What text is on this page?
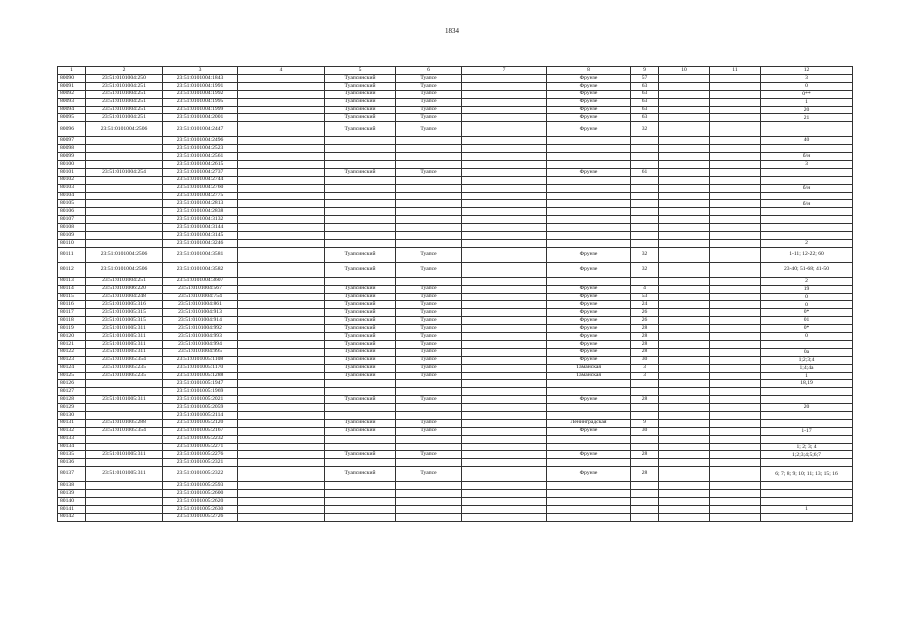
1834
1	2	3	4	5	6	7	8	9	10	11	12
80090	23:51:0101004:250	23:51:0101004:1843		Туапсинский	Туапсе		Фрунзе	57			3
80091	23:51:0101004:251	23:51:0101004:1991		Туапсинский	Туапсе		Фрунзе	63			0
80092	23:51:0101004:251	23:51:0101004:1992		Туапсинский	Туапсе		Фрунзе	63			0**
80093	23:51:0101004:251	23:51:0101004:1995		Туапсинский	Туапсе		Фрунзе	63			1
80094	23:51:0101004:251	23:51:0101004:1999		Туапсинский	Туапсе		Фрунзе	63			20
80095	23:51:0101004:251	23:51:0101004:2001		Туапсинский	Туапсе		Фрунзе	63			21
80096	23:51:0101004:2506	23:51:0101004:2447		Туапсинский	Туапсе		Фрунзе	32			
80097		23:51:0101004:2496									40
80098		23:51:0101004:2523									
80099		23:51:0101004:2561									б/н
80100		23:51:0101004:2615									3
80101	23:51:0101004:254	23:51:0101004:2737		Туапсинский	Туапсе		Фрунзе	61			
80102		23:51:0101004:2744									
80103		23:51:0101004:2760									б/н
80104		23:51:0101004:2775									
80105		23:51:0101004:2813									б/н
80106		23:51:0101004:2838									
80107		23:51:0101004:3132									
80108		23:51:0101004:3144									
80109		23:51:0101004:3145									
80110		23:51:0101004:3246									2
80111	23:51:0101004:2506	23:51:0101004:3581		Туапсинский	Туапсе		Фрунзе	32			1-11; 12-22; 60
80112	23:51:0101004:2506	23:51:0101004:3582		Туапсинский	Туапсе		Фрунзе	32			23-40; 51-68; 41-50
80113	23:51:0101004:251	23:51:0101004:3607									2
80114	23:51:0101006:220	23:51:0101004:567		Туапсинский	Туапсе		Фрунзе	4			19
80115	23:51:0101004:248	23:51:0101004:754		Туапсинский	Туапсе		Фрунзе	53			0
80116	23:51:0101005:316	23:51:0101004:861		Туапсинский	Туапсе		Фрунзе	24			0
80117	23:51:0101005:315	23:51:0101004:913		Туапсинский	Туапсе		Фрунзе	26			0*
80118	23:51:0101005:315	23:51:0101004:914		Туапсинский	Туапсе		Фрунзе	26			01
80119	23:51:0101005:311	23:51:0101004:992		Туапсинский	Туапсе		Фрунзе	28			0*
80120	23:51:0101005:311	23:51:0101004:993		Туапсинский	Туапсе		Фрунзе	28			0
80121	23:51:0101005:311	23:51:0101004:994		Туапсинский	Туапсе		Фрунзе	28			
80122	23:51:0101005:311	23:51:0101004:995		Туапсинский	Туапсе		Фрунзе	28			0а
80123	23:51:0101005:354	23:51:0101005:1108		Туапсинский	Туапсе		Фрунзе	30			1;2;3;4
80124	23:51:0101005:235	23:51:0101005:1170		Туапсинский	Туапсе		Таманская	3			1;4;4а
80125	23:51:0101005:235	23:51:0101005:1288		Туапсинский	Туапсе		Таманская	3			1
80126		23:51:0101005:1947									18,19
80127		23:51:0101005:1969									
80128	23:51:0101005:311	23:51:0101005:2021		Туапсинский	Туапсе		Фрунзе	28			
80129		23:51:0101005:2059									20
80130		23:51:0101005:2114									
80131	23:51:0101005:288	23:51:0101005:2120		Туапсинский	Туапсе		Ленинградская	9			
80132	23:51:0101005:354	23:51:0101005:2167		Туапсинский	Туапсе		Фрунзе	30			1-17
80133		23:51:0101005:2232									
80134		23:51:0101005:2271									1; 2; 3; 4
80135	23:51:0101005:311	23:51:0101005:2276		Туапсинский	Туапсе		Фрунзе	28			1;2;3;4;5;6;7
80136		23:51:0101005:2321									
80137	23:51:0101005:311	23:51:0101005:2322		Туапсинский	Туапсе		Фрунзе	28			6; 7; 8; 9; 10; 11; 13; 15; 16
80138		23:51:0101005:2593									
80139		23:51:0101005:2600									
80140		23:51:0101005:2620									
80141		23:51:0101005:2630									1
80142		23:51:0101005:2726									
